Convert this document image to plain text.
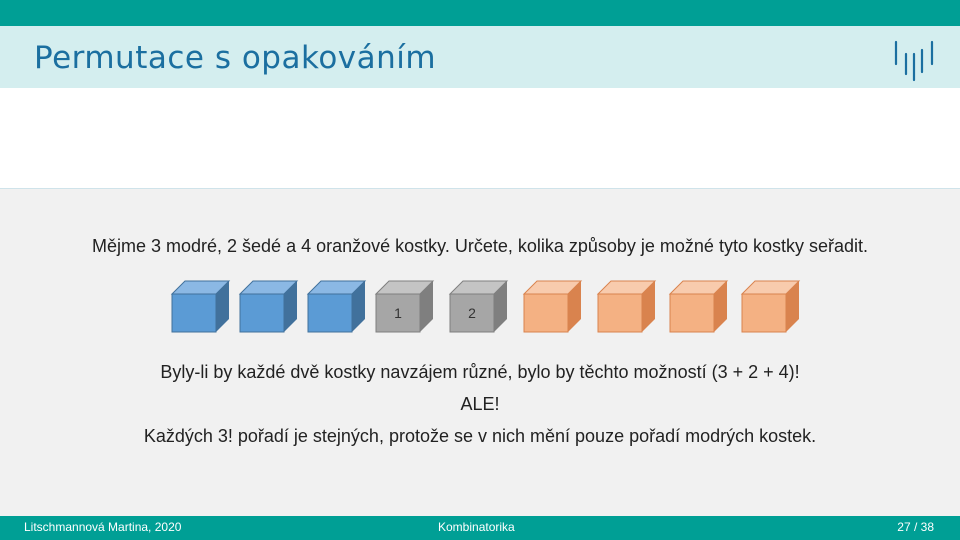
Permutace s opakováním
Mějme 3 modré, 2 šedé a 4 oranžové kostky. Určete, kolika způsoby je možné tyto kostky seřadit.
1	2
Byly-li by každé dvě kostky navzájem různé, bylo by těchto možností (3 + 2 + 4)!
ALE!
Každých 3! pořadí je stejných, protože se v nich mění pouze pořadí modrých kostek.
Litschmannová Martina, 2020	Kombinatorika	27 / 38
